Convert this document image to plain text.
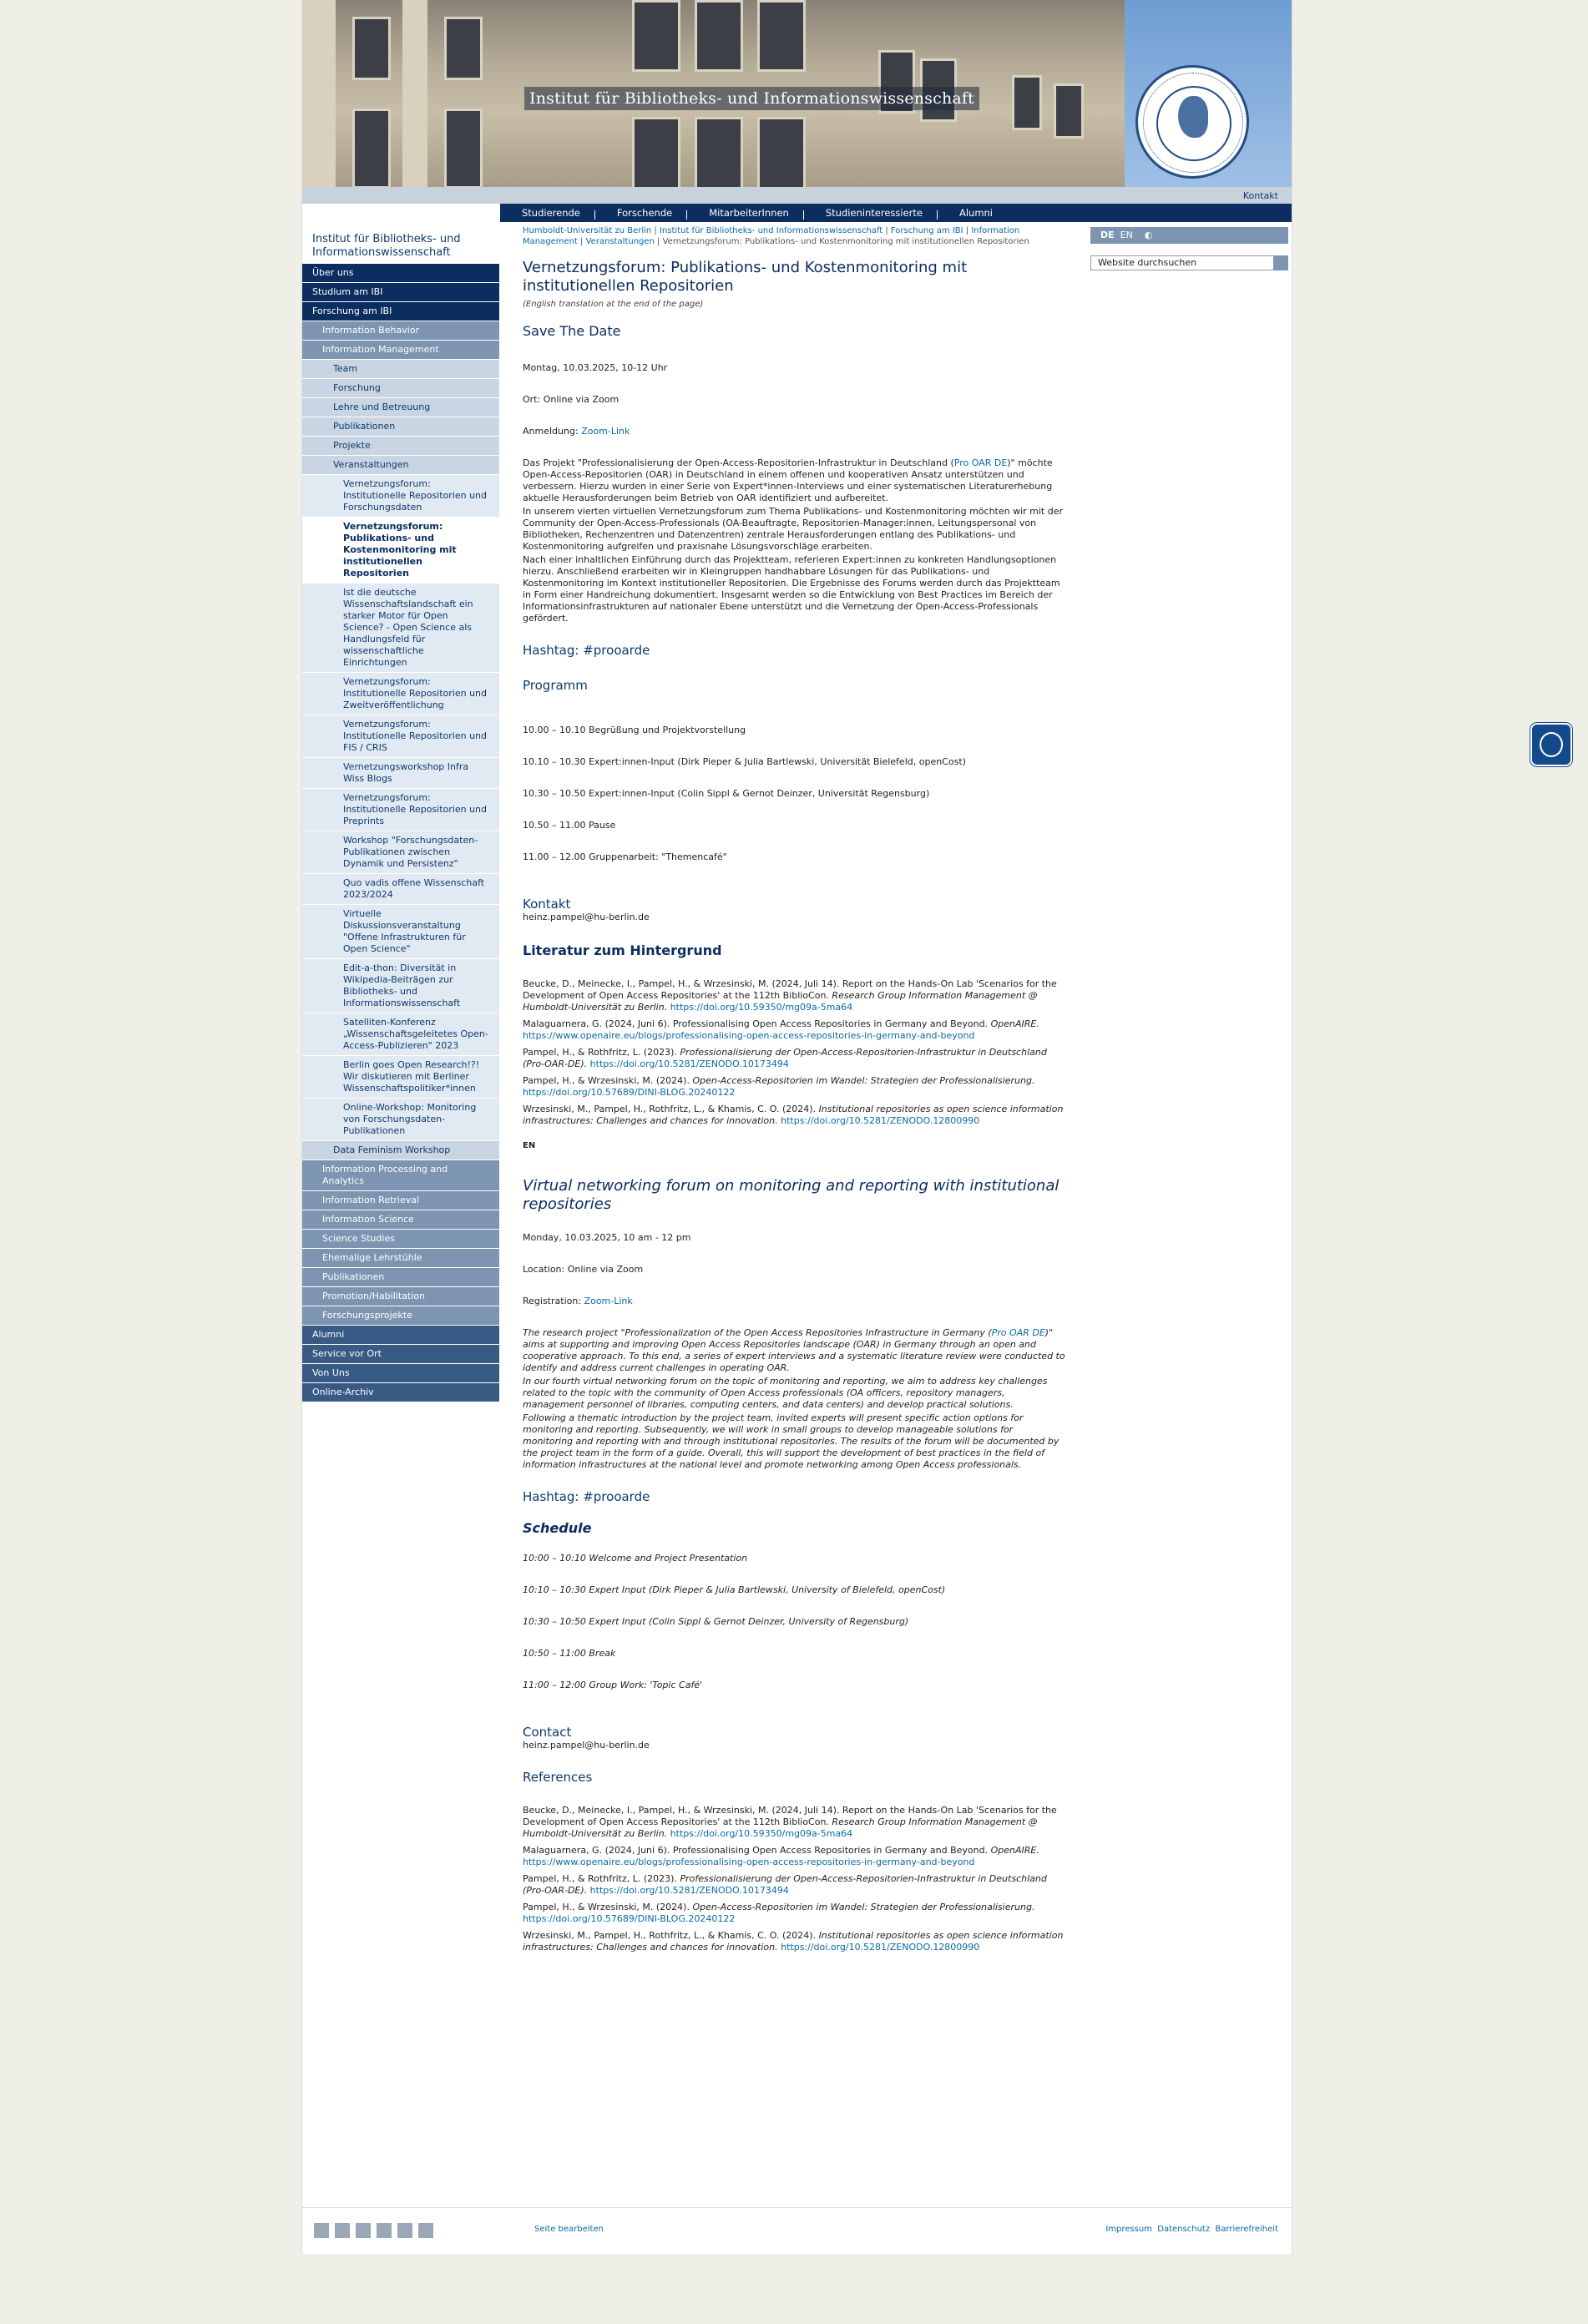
Institut für Bibliotheks- und Informationswissenschaft
Kontakt
Studierende	Forschende	MitarbeiterInnen	Studieninteressierte	Alumni
Institut für Bibliotheks- und Informationswissenschaft
Über uns
Studium am IBI
Forschung am IBI
Information Behavior
Information Management
Team
Forschung
Lehre und Betreuung
Publikationen
Projekte
Veranstaltungen
Vernetzungsforum: Institutionelle Repositorien und Forschungsdaten
Vernetzungsforum: Publikations- und Kostenmonitoring mit institutionellen Repositorien
Ist die deutsche Wissenschaftslandschaft ein starker Motor für Open Science? - Open Science als Handlungsfeld für wissenschaftliche Einrichtungen
Vernetzungsforum: Institutionelle Repositorien und Zweitveröffentlichung
Vernetzungsforum: Institutionelle Repositorien und FIS / CRIS
Vernetzungsworkshop Infra Wiss Blogs
Vernetzungsforum: Institutionelle Repositorien und Preprints
Workshop "Forschungsdaten-Publikationen zwischen Dynamik und Persistenz"
Quo vadis offene Wissenschaft 2023/2024
Virtuelle Diskussionsveranstaltung "Offene Infrastrukturen für Open Science"
Edit-a-thon: Diversität in Wikipedia-Beiträgen zur Bibliotheks- und Informationswissenschaft
Satelliten-Konferenz „Wissenschaftsgeleitetes Open-Access-Publizieren" 2023
Berlin goes Open Research!?! Wir diskutieren mit Berliner Wissenschaftspolitiker*innen
Online-Workshop: Monitoring von Forschungsdaten-Publikationen
Data Feminism Workshop
Information Processing and Analytics
Information Retrieval
Information Science
Science Studies
Ehemalige Lehrstühle
Publikationen
Promotion/Habilitation
Forschungsprojekte
Alumni
Service vor Ort
Von Uns
Online-Archiv
Humboldt-Universität zu Berlin | Institut für Bibliotheks- und Informationswissenschaft | Forschung am IBI | Information Management | Veranstaltungen | Vernetzungsforum: Publikations- und Kostenmonitoring mit institutionellen Repositorien
Vernetzungsforum: Publikations- und Kostenmonitoring mit institutionellen Repositorien
(English translation at the end of the page)
Save The Date
Montag, 10.03.2025, 10-12 Uhr
Ort: Online via Zoom
Anmeldung: Zoom-Link
Das Projekt "Professionalisierung der Open-Access-Repositorien-Infrastruktur in Deutschland (Pro OAR DE)" möchte Open-Access-Repositorien (OAR) in Deutschland in einem offenen und kooperativen Ansatz unterstützen und verbessern. Hierzu wurden in einer Serie von Expert*innen-Interviews und einer systematischen Literaturerhebung aktuelle Herausforderungen beim Betrieb von OAR identifiziert und aufbereitet.
In unserem vierten virtuellen Vernetzungsforum zum Thema Publikations- und Kostenmonitoring möchten wir mit der Community der Open-Access-Professionals (OA-Beauftragte, Repositorien-Manager:innen, Leitungspersonal von Bibliotheken, Rechenzentren und Datenzentren) zentrale Herausforderungen entlang des Publikations- und Kostenmonitoring aufgreifen und praxisnahe Lösungsvorschläge erarbeiten.
Nach einer inhaltlichen Einführung durch das Projektteam, referieren Expert:innen zu konkreten Handlungsoptionen hierzu. Anschließend erarbeiten wir in Kleingruppen handhabbare Lösungen für das Publikations- und Kostenmonitoring im Kontext institutioneller Repositorien. Die Ergebnisse des Forums werden durch das Projektteam in Form einer Handreichung dokumentiert. Insgesamt werden so die Entwicklung von Best Practices im Bereich der Informationsinfrastrukturen auf nationaler Ebene unterstützt und die Vernetzung der Open-Access-Professionals gefördert.
Hashtag: #prooarde
Programm
10.00 – 10.10 Begrüßung und Projektvorstellung
10.10 – 10.30 Expert:innen-Input (Dirk Pieper & Julia Bartlewski, Universität Bielefeld, openCost)
10.30 – 10.50 Expert:innen-Input (Colin Sippl & Gernot Deinzer, Universität Regensburg)
10.50 – 11.00 Pause
11.00 – 12.00 Gruppenarbeit: "Themencafé"
Kontakt
heinz.pampel@hu-berlin.de
Literatur zum Hintergrund
Beucke, D., Meinecke, I., Pampel, H., & Wrzesinski, M. (2024, Juli 14). Report on the Hands-On Lab 'Scenarios for the Development of Open Access Repositories' at the 112th BiblioCon. Research Group Information Management @ Humboldt-Universität zu Berlin. https://doi.org/10.59350/mg09a-5ma64
Malaguarnera, G. (2024, Juni 6). Professionalising Open Access Repositories in Germany and Beyond. OpenAIRE. https://www.openaire.eu/blogs/professionalising-open-access-repositories-in-germany-and-beyond
Pampel, H., & Rothfritz, L. (2023). Professionalisierung der Open-Access-Repositorien-Infrastruktur in Deutschland (Pro-OAR-DE). https://doi.org/10.5281/ZENODO.10173494
Pampel, H., & Wrzesinski, M. (2024). Open-Access-Repositorien im Wandel: Strategien der Professionalisierung. https://doi.org/10.57689/DINI-BLOG.20240122
Wrzesinski, M., Pampel, H., Rothfritz, L., & Khamis, C. O. (2024). Institutional repositories as open science information infrastructures: Challenges and chances for innovation. https://doi.org/10.5281/ZENODO.12800990
EN
Virtual networking forum on monitoring and reporting with institutional repositories
Monday, 10.03.2025, 10 am - 12 pm
Location: Online via Zoom
Registration: Zoom-Link
The research project "Professionalization of the Open Access Repositories Infrastructure in Germany (Pro OAR DE)" aims at supporting and improving Open Access Repositories landscape (OAR) in Germany through an open and cooperative approach. To this end, a series of expert interviews and a systematic literature review were conducted to identify and address current challenges in operating OAR.
In our fourth virtual networking forum on the topic of monitoring and reporting, we aim to address key challenges related to the topic with the community of Open Access professionals (OA officers, repository managers, management personnel of libraries, computing centers, and data centers) and develop practical solutions.
Following a thematic introduction by the project team, invited experts will present specific action options for monitoring and reporting. Subsequently, we will work in small groups to develop manageable solutions for monitoring and reporting with and through institutional repositories. The results of the forum will be documented by the project team in the form of a guide. Overall, this will support the development of best practices in the field of information infrastructures at the national level and promote networking among Open Access professionals.
Hashtag: #prooarde
Schedule
10:00 – 10:10 Welcome and Project Presentation
10:10 – 10:30 Expert Input (Dirk Pieper & Julia Bartlewski, University of Bielefeld, openCost)
10:30 – 10:50 Expert Input (Colin Sippl & Gernot Deinzer, University of Regensburg)
10:50 – 11:00 Break
11:00 – 12:00 Group Work: 'Topic Café'
Contact
heinz.pampel@hu-berlin.de
References
Beucke, D., Meinecke, I., Pampel, H., & Wrzesinski, M. (2024, Juli 14). Report on the Hands-On Lab 'Scenarios for the Development of Open Access Repositories' at the 112th BiblioCon. Research Group Information Management @ Humboldt-Universität zu Berlin. https://doi.org/10.59350/mg09a-5ma64
Malaguarnera, G. (2024, Juni 6). Professionalising Open Access Repositories in Germany and Beyond. OpenAIRE. https://www.openaire.eu/blogs/professionalising-open-access-repositories-in-germany-and-beyond
Pampel, H., & Rothfritz, L. (2023). Professionalisierung der Open-Access-Repositorien-Infrastruktur in Deutschland (Pro-OAR-DE). https://doi.org/10.5281/ZENODO.10173494
Pampel, H., & Wrzesinski, M. (2024). Open-Access-Repositorien im Wandel: Strategien der Professionalisierung. https://doi.org/10.57689/DINI-BLOG.20240122
Wrzesinski, M., Pampel, H., Rothfritz, L., & Khamis, C. O. (2024). Institutional repositories as open science information infrastructures: Challenges and chances for innovation. https://doi.org/10.5281/ZENODO.12800990
DE EN ◐
Website durchsuchen
Seite bearbeiten	Impressum Datenschutz Barrierefreiheit
